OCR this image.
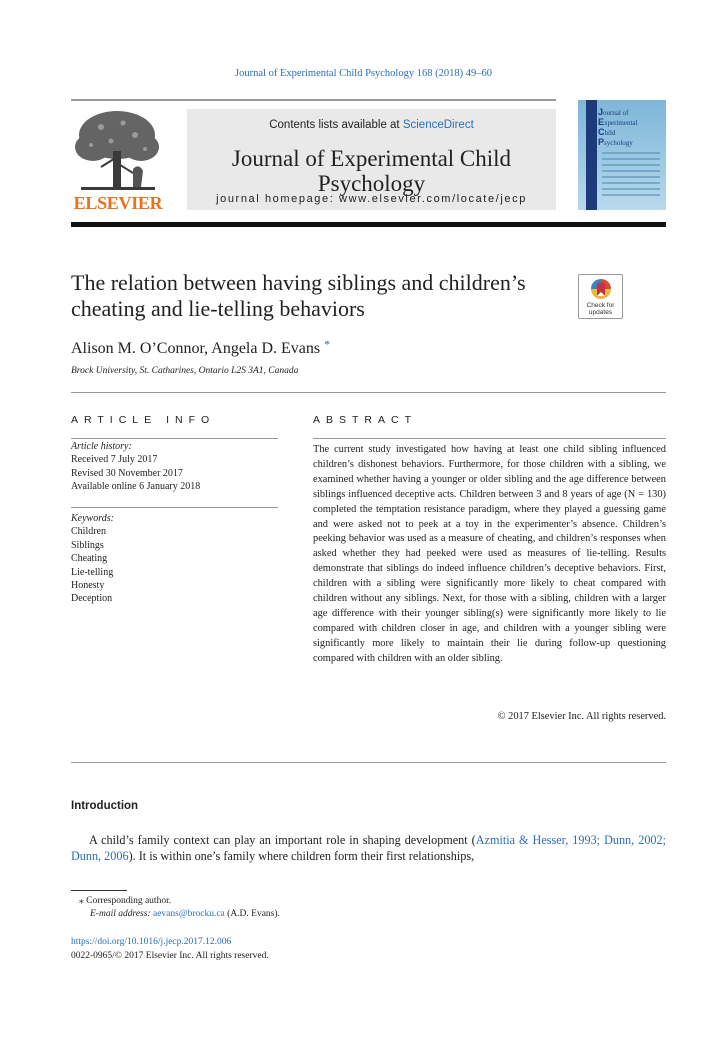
Journal of Experimental Child Psychology 168 (2018) 49–60
ELSEVIER
Contents lists available at ScienceDirect
Journal of Experimental Child
Psychology
journal homepage: www.elsevier.com/locate/jecp
Journal of
Experimental
Child
Psychology
The relation between having siblings and children’s cheating and lie-telling behaviors	Check for
updates
Alison M. O’Connor, Angela D. Evans *
Brock University, St. Catharines, Ontario L2S 3A1, Canada
ARTICLE INFO	ABSTRACT
Article history:
Received 7 July 2017
Revised 30 November 2017
Available online 6 January 2018
Keywords:
Children
Siblings
Cheating
Lie-telling
Honesty
Deception
The current study investigated how having at least one child sibling influenced children’s dishonest behaviors. Furthermore, for those children with a sibling, we examined whether having a younger or older sibling and the age difference between siblings influenced deceptive acts. Children between 3 and 8 years of age (N = 130) completed the temptation resistance paradigm, where they played a guessing game and were asked not to peek at a toy in the experimenter’s absence. Children’s peeking behavior was used as a measure of cheating, and children’s responses when asked whether they had peeked were used as measures of lie-telling. Results demonstrate that siblings do indeed influence children’s deceptive behaviors. First, children with a sibling were significantly more likely to cheat compared with children without any siblings. Next, for those with a sibling, children with a larger age difference with their younger sibling(s) were significantly more likely to lie compared with children closer in age, and children with a younger sibling were significantly more likely to maintain their lie during follow-up questioning compared with children with an older sibling.
© 2017 Elsevier Inc. All rights reserved.
Introduction
A child’s family context can play an important role in shaping development (Azmitia & Hesser, 1993; Dunn, 2002; Dunn, 2006). It is within one’s family where children form their first relationships,
⁎ Corresponding author.
E-mail address: aevans@brocku.ca (A.D. Evans).
https://doi.org/10.1016/j.jecp.2017.12.006
0022-0965/© 2017 Elsevier Inc. All rights reserved.
